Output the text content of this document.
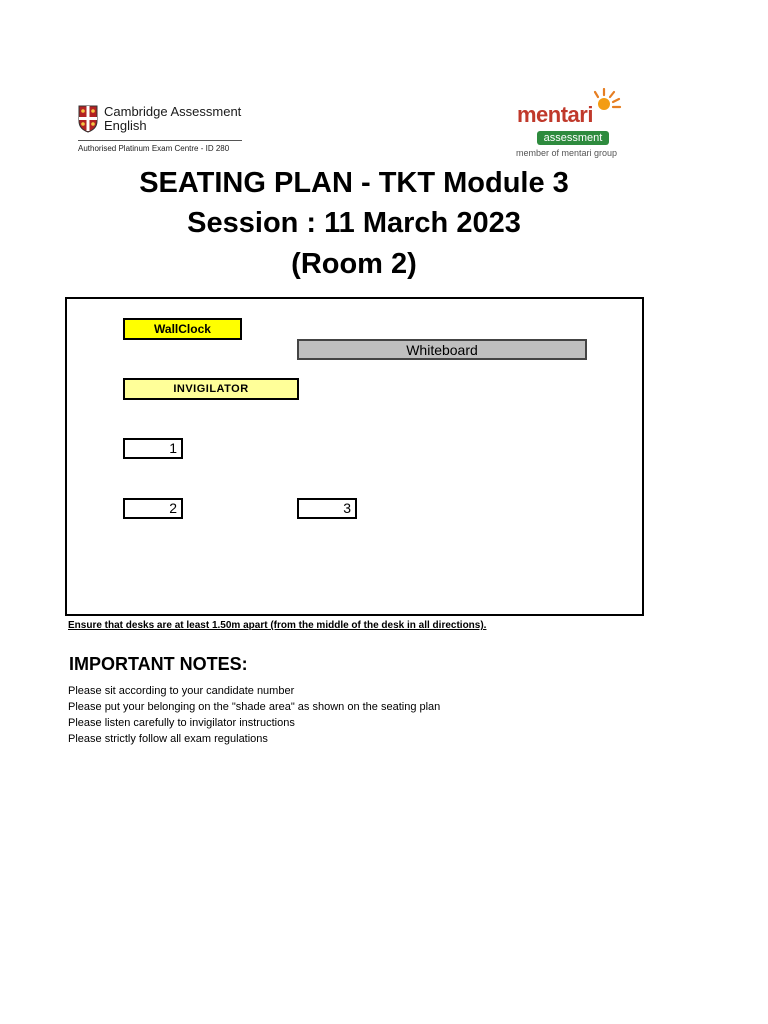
Cambridge Assessment
English
Authorised Platinum Exam Centre - ID 280
mentari
assessment
member of mentari group
SEATING PLAN - TKT Module 3
Session : 11 March 2023
(Room 2)
WallClock
Whiteboard
INVIGILATOR
1
2	3
Ensure that desks are at least 1.50m apart (from the middle of the desk in all directions).
IMPORTANT NOTES:
Please sit according to your candidate number
Please put your belonging on the "shade area" as shown on the seating plan
Please listen carefully to invigilator instructions
Please strictly follow all exam regulations
